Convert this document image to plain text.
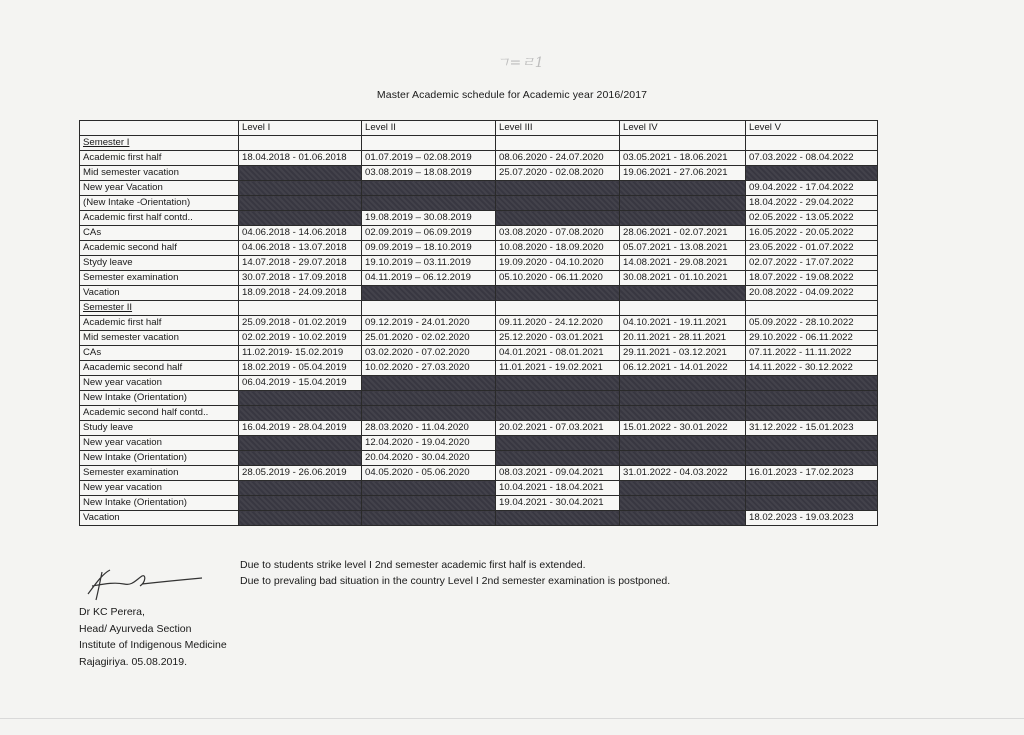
ㄱ=ㄹ1
Master Academic schedule for Academic year 2016/2017
	Level I	Level II	Level III	Level IV	Level V
Semester I					
Academic first half	18.04.2018 - 01.06.2018	01.07.2019 – 02.08.2019	08.06.2020 - 24.07.2020	03.05.2021 - 18.06.2021	07.03.2022 - 08.04.2022
Mid semester vacation		03.08.2019 – 18.08.2019	25.07.2020 - 02.08.2020	19.06.2021 - 27.06.2021	
New year Vacation					09.04.2022 - 17.04.2022
(New Intake -Orientation)					18.04.2022 - 29.04.2022
Academic first half contd..		19.08.2019 – 30.08.2019			02.05.2022 - 13.05.2022
CAs	04.06.2018 - 14.06.2018	02.09.2019 – 06.09.2019	03.08.2020 - 07.08.2020	28.06.2021 - 02.07.2021	16.05.2022 - 20.05.2022
Academic second half	04.06.2018 - 13.07.2018	09.09.2019 – 18.10.2019	10.08.2020 - 18.09.2020	05.07.2021 - 13.08.2021	23.05.2022 - 01.07.2022
Stydy leave	14.07.2018 - 29.07.2018	19.10.2019 – 03.11.2019	19.09.2020 - 04.10.2020	14.08.2021 - 29.08.2021	02.07.2022 - 17.07.2022
Semester examination	30.07.2018 - 17.09.2018	04.11.2019 – 06.12.2019	05.10.2020 - 06.11.2020	30.08.2021 - 01.10.2021	18.07.2022 - 19.08.2022
Vacation	18.09.2018 - 24.09.2018				20.08.2022 - 04.09.2022
Semester II					
Academic first half	25.09.2018 - 01.02.2019	09.12.2019 - 24.01.2020	09.11.2020 - 24.12.2020	04.10.2021 - 19.11.2021	05.09.2022 - 28.10.2022
Mid semester vacation	02.02.2019 - 10.02.2019	25.01.2020 - 02.02.2020	25.12.2020 - 03.01.2021	20.11.2021 - 28.11.2021	29.10.2022 - 06.11.2022
CAs	11.02.2019- 15.02.2019	03.02.2020 - 07.02.2020	04.01.2021 - 08.01.2021	29.11.2021 - 03.12.2021	07.11.2022 - 11.11.2022
Aacademic second half	18.02.2019 - 05.04.2019	10.02.2020 - 27.03.2020	11.01.2021 - 19.02.2021	06.12.2021 - 14.01.2022	14.11.2022 - 30.12.2022
New year vacation	06.04.2019 - 15.04.2019				
New Intake (Orientation)					
Academic second half contd..					
Study leave	16.04.2019 - 28.04.2019	28.03.2020 - 11.04.2020	20.02.2021 - 07.03.2021	15.01.2022 - 30.01.2022	31.12.2022 - 15.01.2023
New year vacation		12.04.2020 - 19.04.2020			
New Intake (Orientation)		20.04.2020 - 30.04.2020			
Semester examination	28.05.2019 - 26.06.2019	04.05.2020 - 05.06.2020	08.03.2021 - 09.04.2021	31.01.2022 - 04.03.2022	16.01.2023 - 17.02.2023
New year vacation			10.04.2021 - 18.04.2021		
New Intake (Orientation)			19.04.2021 - 30.04.2021		
Vacation					18.02.2023 - 19.03.2023
Due to students strike level I 2nd semester academic first half is extended.
Due to prevaling bad situation in the country Level I 2nd semester examination is postponed.
Dr KC Perera,
Head/ Ayurveda Section
Institute of Indigenous Medicine
Rajagiriya. 05.08.2019.
